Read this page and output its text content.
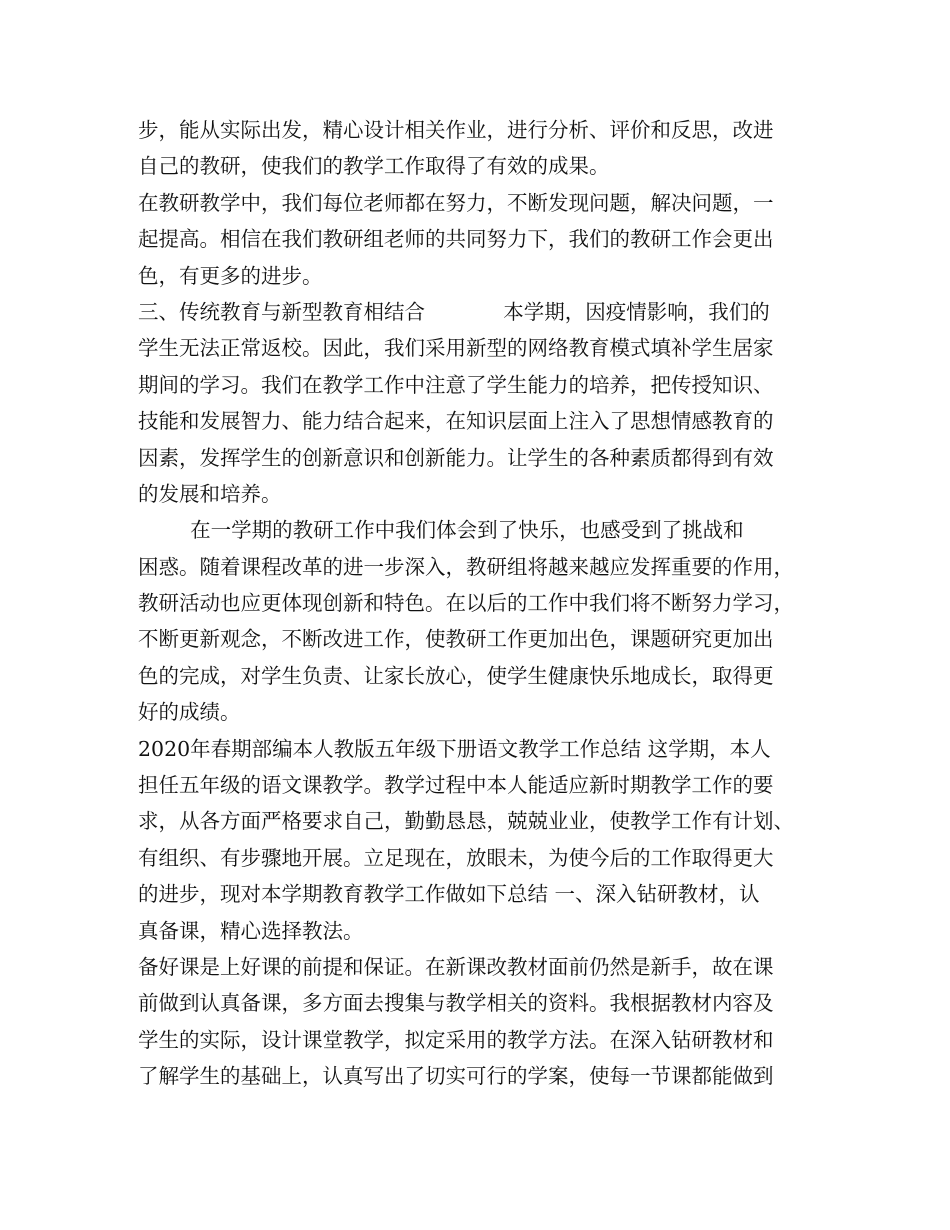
步，能从实际出发，精心设计相关作业，进行分析、评价和反思，改进
自己的教研，使我们的教学工作取得了有效的成果。
在教研教学中，我们每位老师都在努力，不断发现问题，解决问题，一
起提高。相信在我们教研组老师的共同努力下，我们的教研工作会更出
色，有更多的进步。
三、传统教育与新型教育相结合            本学期，因疫情影响，我们的
学生无法正常返校。因此，我们采用新型的网络教育模式填补学生居家
期间的学习。我们在教学工作中注意了学生能力的培养，把传授知识、
技能和发展智力、能力结合起来，在知识层面上注入了思想情感教育的
因素，发挥学生的创新意识和创新能力。让学生的各种素质都得到有效
的发展和培养。
在一学期的教研工作中我们体会到了快乐，也感受到了挑战和
困惑。随着课程改革的进一步深入，教研组将越来越应发挥重要的作用，
教研活动也应更体现创新和特色。在以后的工作中我们将不断努力学习，
不断更新观念，不断改进工作，使教研工作更加出色，课题研究更加出
色的完成，对学生负责、让家长放心，使学生健康快乐地成长，取得更
好的成绩。
2020年春期部编本人教版五年级下册语文教学工作总结 这学期，本人
担任五年级的语文课教学。教学过程中本人能适应新时期教学工作的要
求，从各方面严格要求自己，勤勤恳恳，兢兢业业，使教学工作有计划、
有组织、有步骤地开展。立足现在，放眼未，为使今后的工作取得更大
的进步，现对本学期教育教学工作做如下总结 一、深入钻研教材，认
真备课，精心选择教法。
备好课是上好课的前提和保证。在新课改教材面前仍然是新手，故在课
前做到认真备课，多方面去搜集与教学相关的资料。我根据教材内容及
学生的实际，设计课堂教学，拟定采用的教学方法。在深入钻研教材和
了解学生的基础上，认真写出了切实可行的学案，使每一节课都能做到
